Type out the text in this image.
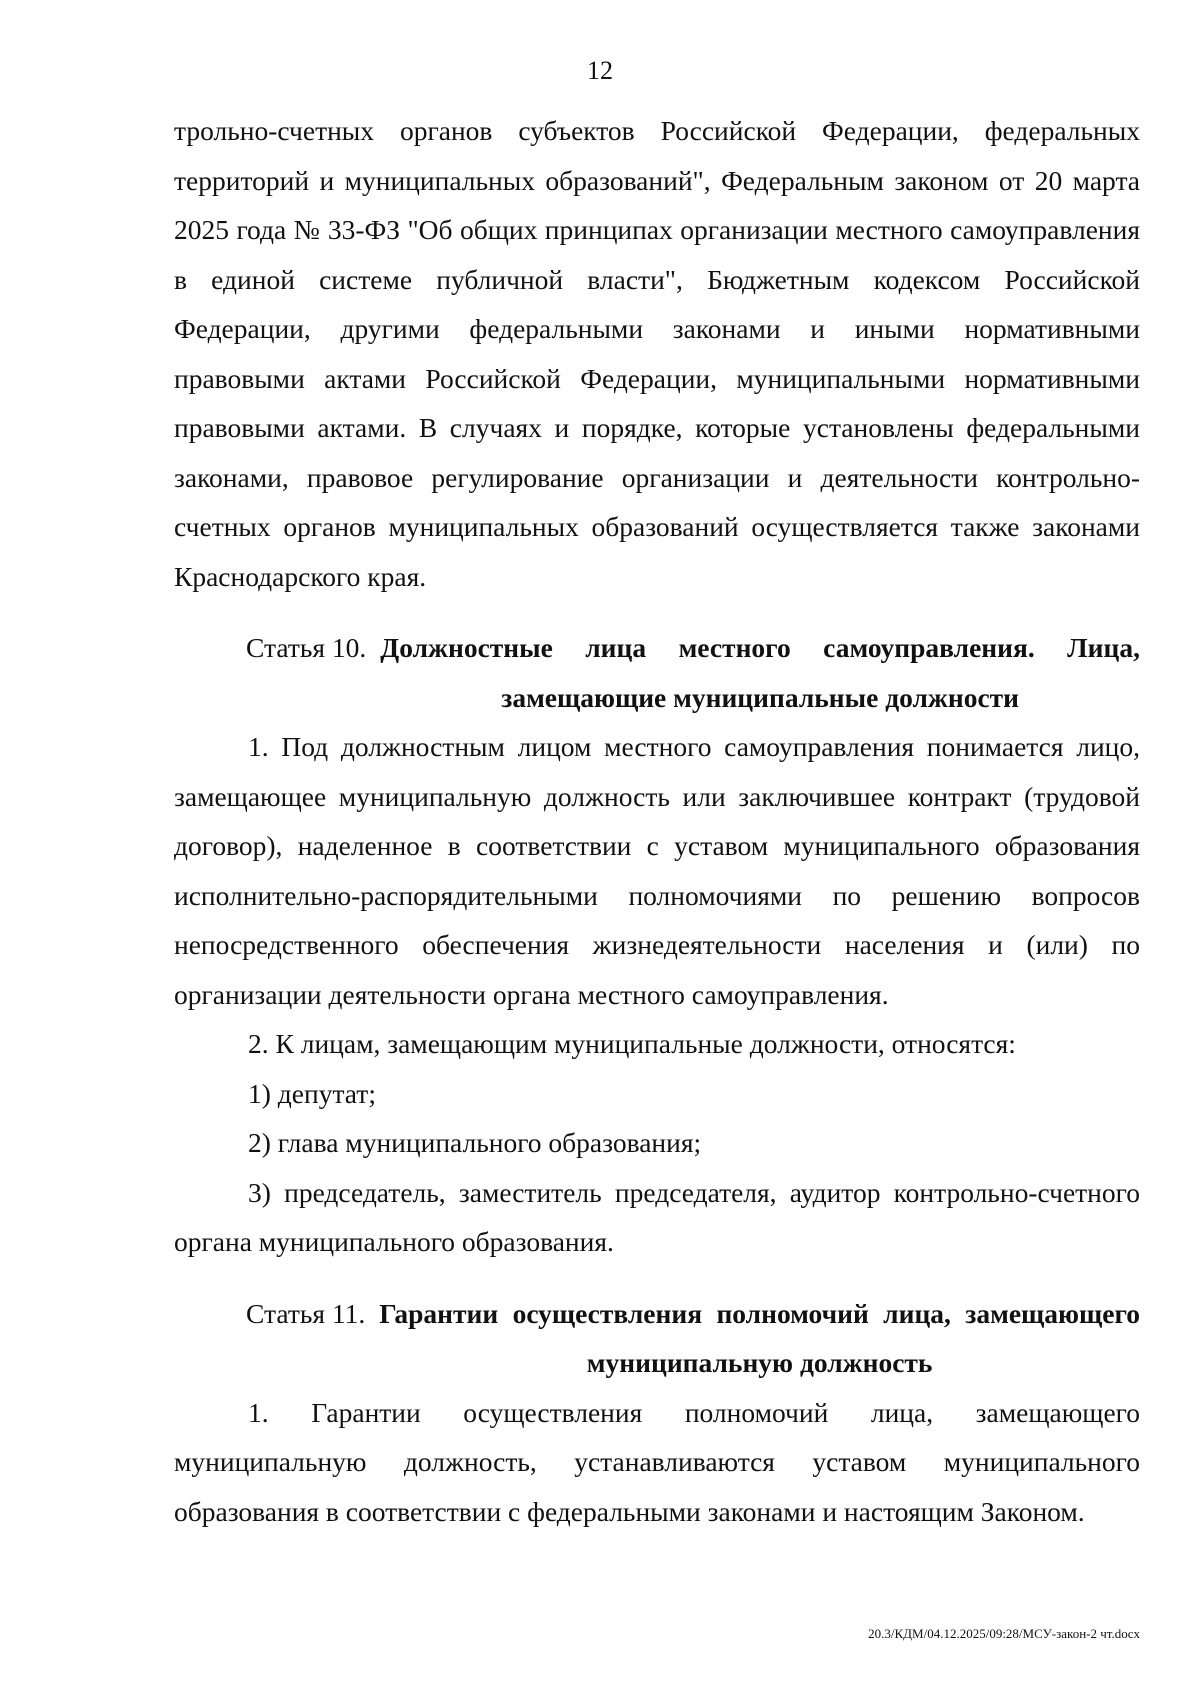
12

трольно-счетных органов субъектов Российской Федерации, федеральных территорий и муниципальных образований", Федеральным законом от 20 марта 2025 года № 33-ФЗ "Об общих принципах организации местного самоуправления в единой системе публичной власти", Бюджетным кодексом Российской Федерации, другими федеральными законами и иными нормативными правовыми актами Российской Федерации, муниципальными нормативными правовыми актами. В случаях и порядке, которые установлены федеральными законами, правовое регулирование организации и деятельности контрольно-счетных органов муниципальных образований осуществляется также законами Краснодарского края.

Статья 10. Должностные лица местного самоуправления. Лица, замещающие муниципальные должности

1. Под должностным лицом местного самоуправления понимается лицо, замещающее муниципальную должность или заключившее контракт (трудовой договор), наделенное в соответствии с уставом муниципального образования исполнительно-распорядительными полномочиями по решению вопросов непосредственного обеспечения жизнедеятельности населения и (или) по организации деятельности органа местного самоуправления.

2. К лицам, замещающим муниципальные должности, относятся:

1) депутат;

2) глава муниципального образования;

3) председатель, заместитель председателя, аудитор контрольно-счетного органа муниципального образования.

Статья 11. Гарантии осуществления полномочий лица, замещающего муниципальную должность

1. Гарантии осуществления полномочий лица, замещающего муниципальную должность, устанавливаются уставом муниципального образования в соответствии с федеральными законами и настоящим Законом.

20.3/КДМ/04.12.2025/09:28/МСУ-закон-2 чт.docx
